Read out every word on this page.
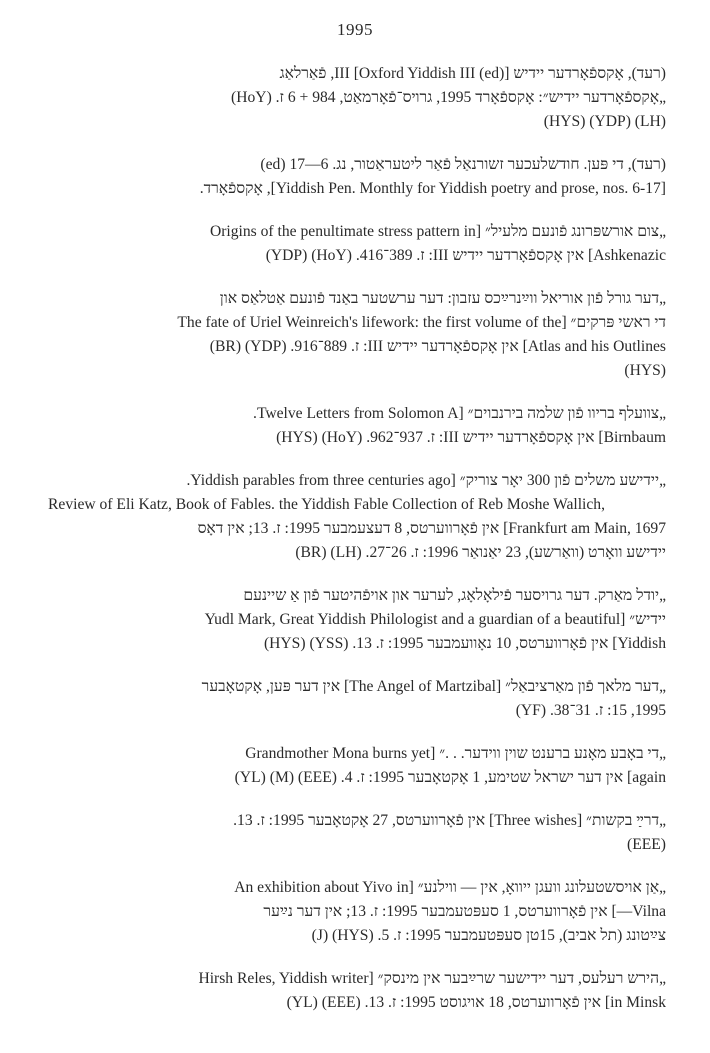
1995
(רעד), אָקספֿאָרדער יידיש III [Oxford Yiddish III (ed)], פֿאַרלאַג
„אָקספֿאָרדער יידיש״: אָקספֿאָרד 1995, גרויס־פֿאָרמאַט, 984 + 6 ז. (HoY)
(LH) (YDP) (HYS)
(רעד), די פּען. חודשלעכער זשורנאַל פֿאַר ליטעראַטור, נג. 6—17 (ed)
[Yiddish Pen. Monthly for Yiddish poetry and prose, nos. 6-17], אָקספֿאָרד.
„צום אורשפּרונג פֿונעם מלעיל״ [Origins of the penultimate stress pattern in
Ashkenazic] אין אָקספֿאָרדער יידיש III: ז. 389־416. (HoY) (YDP)
„דער גורל פֿון אוריאל ווײַנרײַכס עזבון: דער ערשטער באַנד פֿונעם אַטלאַס און
די ראשי פּרקים״ [The fate of Uriel Weinreich's lifework: the first volume of the
Atlas and his Outlines] אין אָקספֿאָרדער יידיש III: ז. 889־916. (YDP) (BR)
(HYS)
„צוועלף בריוו פֿון שלמה בירנבוים״ [Twelve Letters from Solomon A.
Birnbaum] אין אָקספֿאָרדער יידיש III: ז. 937־962. (HoY) (HYS)
„יידישע משלים פֿון 300 יאָר צוריק״ [Yiddish parables from three centuries ago.
Review of Eli Katz, Book of Fables. the Yiddish Fable Collection of Reb Moshe Wallich,
Frankfurt am Main, 1697] אין פֿאָרווערטס, 8 דעצעמבער 1995: ז. 13; אין דאָס
יידישע וואָרט (וואַרשע), 23 יאַנואַר 1996: ז. 26־27. (LH) (BR)
„יודל מאַרק. דער גרויסער פֿילאָלאָג, לערער און אויפֿהיטער פֿון אַ שיינעם
יידיש״ [Yudl Mark, Great Yiddish Philologist and a guardian of a beautiful
Yiddish] אין פֿאָרווערטס, 10 נאָוועמבער 1995: ז. 13. (YSS) (HYS)
„דער מלאך פֿון מאַרציבאַל״ [The Angel of Martzibal] אין דער פּען, אָקטאָבער
1995, 15: ז. 31־38. (YF)
„די באָבע מאָנע ברענט שוין ווידער. . .״ [Grandmother Mona burns yet
again] אין דער ישראל שטימע, 1 אָקטאָבער 1995: ז. 4. (EEE) (M) (YL)
„דרײַ בקשות״ [Three wishes] אין פֿאָרווערטס, 27 אָקטאָבער 1995: ז. 13.
(EEE)
„אַן אויסשטעלונג וועגן ייוואָ, אין — ווילנע״ [An exhibition about Yivo in
Vilna—] אין פֿאָרווערטס, 1 סעפּטעמבער 1995: ז. 13; אין דער נײַער
צײַטונג (תל אביב), 15טן סעפּטעמבער 1995: ז. 5. (HYS) (J)
„הירש רעלעס, דער יידישער שרײַבער אין מינסק״ [Hirsh Reles, Yiddish writer
in Minsk] אין פֿאָרווערטס, 18 אויגוסט 1995: ז. 13. (EEE) (YL)
